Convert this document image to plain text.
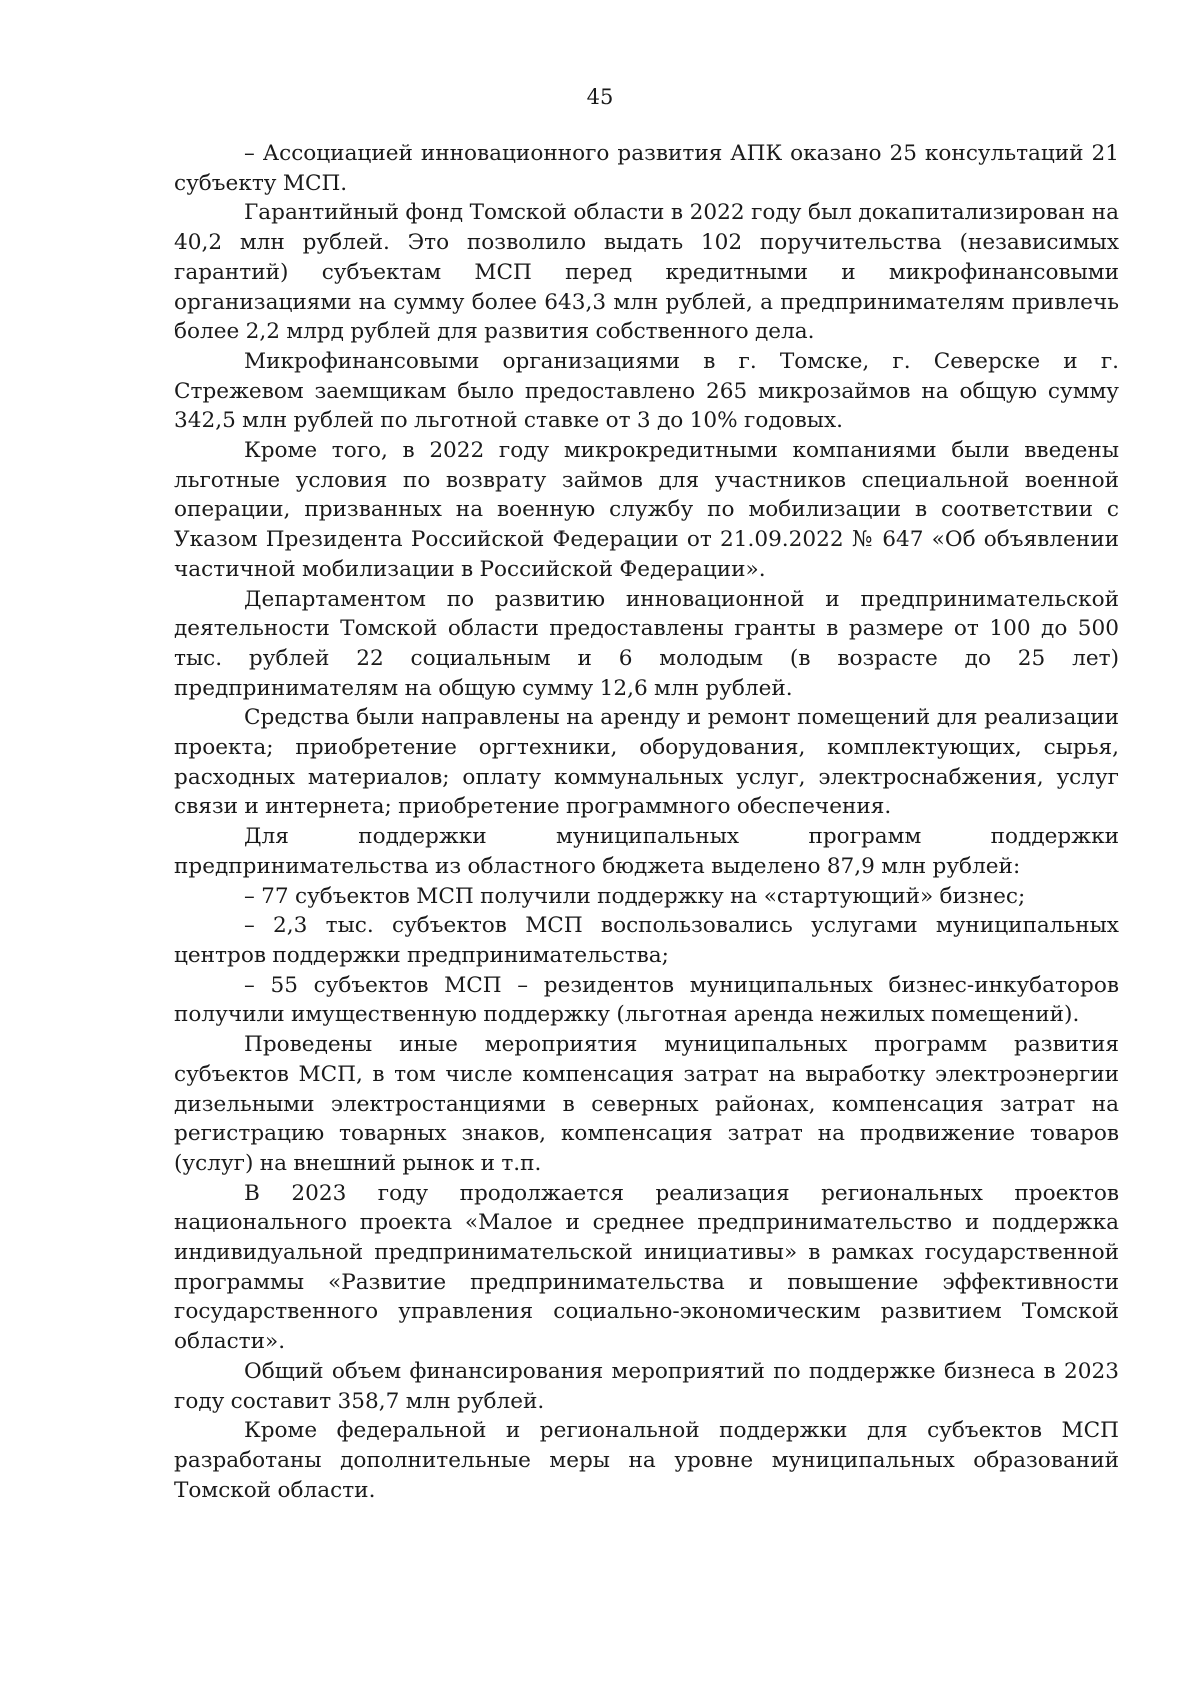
45

– Ассоциацией инновационного развития АПК оказано 25 консультаций 21 субъекту МСП.

Гарантийный фонд Томской области в 2022 году был докапитализирован на 40,2 млн рублей. Это позволило выдать 102 поручительства (независимых гарантий) субъектам МСП перед кредитными и микрофинансовыми организациями на сумму более 643,3 млн рублей, а предпринимателям привлечь более 2,2 млрд рублей для развития собственного дела.

Микрофинансовыми организациями в г. Томске, г. Северске и г. Стрежевом заемщикам было предоставлено 265 микрозаймов на общую сумму 342,5 млн рублей по льготной ставке от 3 до 10% годовых.

Кроме того, в 2022 году микрокредитными компаниями были введены льготные условия по возврату займов для участников специальной военной операции, призванных на военную службу по мобилизации в соответствии с Указом Президента Российской Федерации от 21.09.2022 № 647 «Об объявлении частичной мобилизации в Российской Федерации».

Департаментом по развитию инновационной и предпринимательской деятельности Томской области предоставлены гранты в размере от 100 до 500 тыс. рублей 22 социальным и 6 молодым (в возрасте до 25 лет) предпринимателям на общую сумму 12,6 млн рублей.

Средства были направлены на аренду и ремонт помещений для реализации проекта; приобретение оргтехники, оборудования, комплектующих, сырья, расходных материалов; оплату коммунальных услуг, электроснабжения, услуг связи и интернета; приобретение программного обеспечения.

Для поддержки муниципальных программ поддержки предпринимательства из областного бюджета выделено 87,9 млн рублей:

– 77 субъектов МСП получили поддержку на «стартующий» бизнес;

– 2,3 тыс. субъектов МСП воспользовались услугами муниципальных центров поддержки предпринимательства;

– 55 субъектов МСП – резидентов муниципальных бизнес-инкубаторов получили имущественную поддержку (льготная аренда нежилых помещений).

Проведены иные мероприятия муниципальных программ развития субъектов МСП, в том числе компенсация затрат на выработку электроэнергии дизельными электростанциями в северных районах, компенсация затрат на регистрацию товарных знаков, компенсация затрат на продвижение товаров (услуг) на внешний рынок и т.п.

В 2023 году продолжается реализация региональных проектов национального проекта «Малое и среднее предпринимательство и поддержка индивидуальной предпринимательской инициативы» в рамках государственной программы «Развитие предпринимательства и повышение эффективности государственного управления социально-экономическим развитием Томской области».

Общий объем финансирования мероприятий по поддержке бизнеса в 2023 году составит 358,7 млн рублей.

Кроме федеральной и региональной поддержки для субъектов МСП разработаны дополнительные меры на уровне муниципальных образований Томской области.
